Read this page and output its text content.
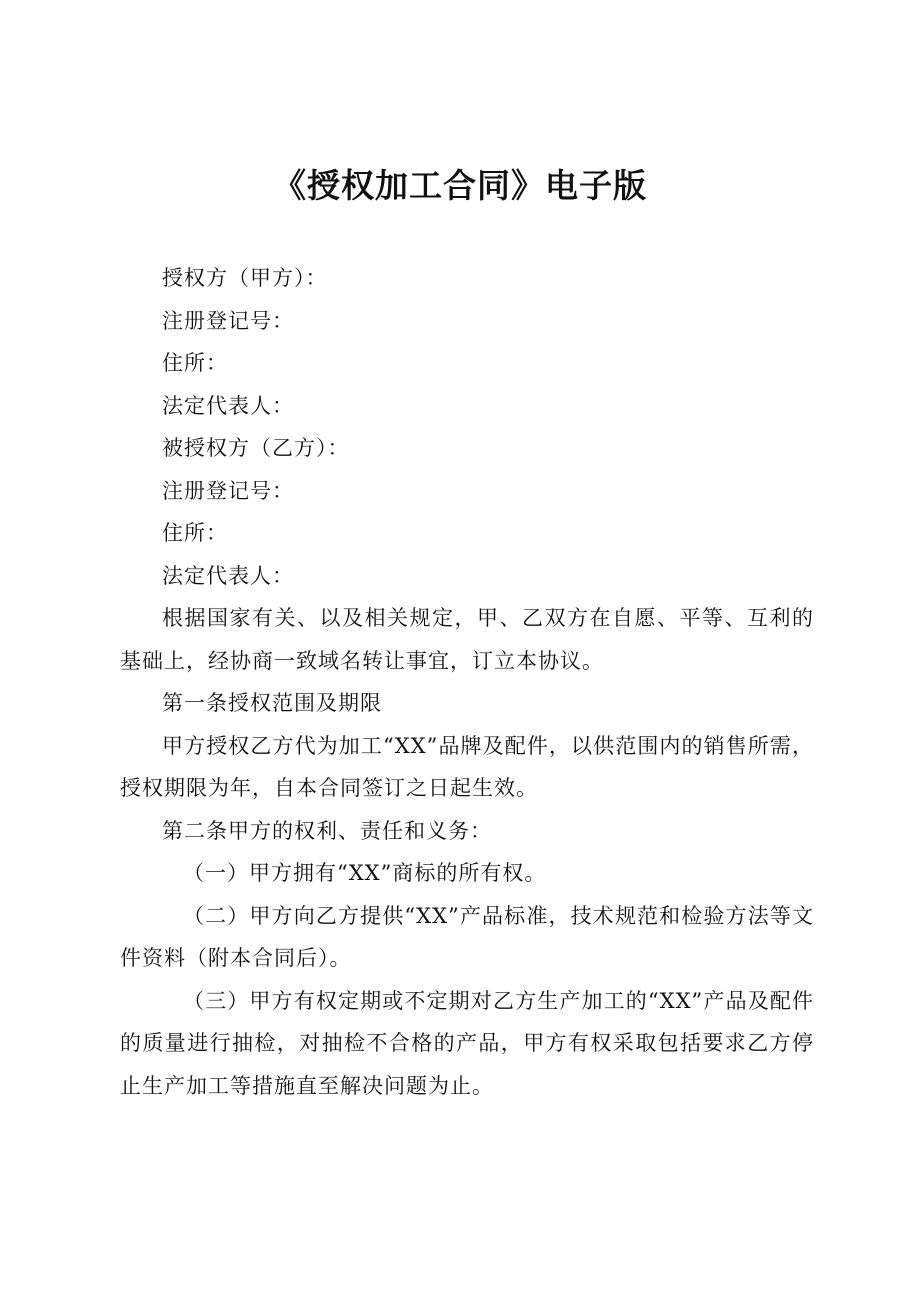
《授权加工合同》电子版

授权方（甲方）：

注册登记号：

住所：

法定代表人：

被授权方（乙方）：

注册登记号：

住所：

法定代表人：

根据国家有关、以及相关规定，甲、乙双方在自愿、平等、互利的基础上，经协商一致域名转让事宜，订立本协议。

第一条授权范围及期限

甲方授权乙方代为加工“XX”品牌及配件，以供范围内的销售所需，授权期限为年，自本合同签订之日起生效。

第二条甲方的权利、责任和义务：

（一）甲方拥有“XX”商标的所有权。

（二）甲方向乙方提供“XX”产品标准，技术规范和检验方法等文件资料（附本合同后）。

（三）甲方有权定期或不定期对乙方生产加工的“XX”产品及配件的质量进行抽检，对抽检不合格的产品，甲方有权采取包括要求乙方停止生产加工等措施直至解决问题为止。
